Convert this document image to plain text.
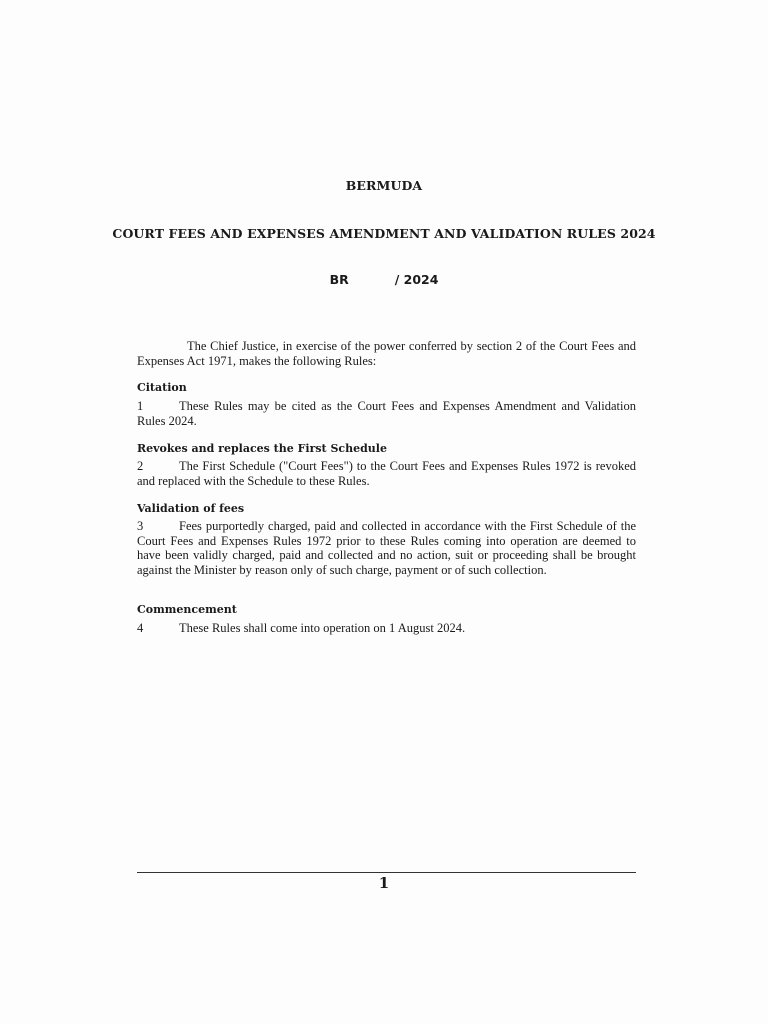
BERMUDA
COURT FEES AND EXPENSES AMENDMENT AND VALIDATION RULES 2024
BR	/ 2024
The Chief Justice, in exercise of the power conferred by section 2 of the Court Fees and Expenses Act 1971, makes the following Rules:
Citation
1	These Rules may be cited as the Court Fees and Expenses Amendment and Validation Rules 2024.
Revokes and replaces the First Schedule
2	The First Schedule ("Court Fees") to the Court Fees and Expenses Rules 1972 is revoked and replaced with the Schedule to these Rules.
Validation of fees
3	Fees purportedly charged, paid and collected in accordance with the First Schedule of the Court Fees and Expenses Rules 1972 prior to these Rules coming into operation are deemed to have been validly charged, paid and collected and no action, suit or proceeding shall be brought against the Minister by reason only of such charge, payment or of such collection.
Commencement
4	These Rules shall come into operation on 1 August 2024.
1
